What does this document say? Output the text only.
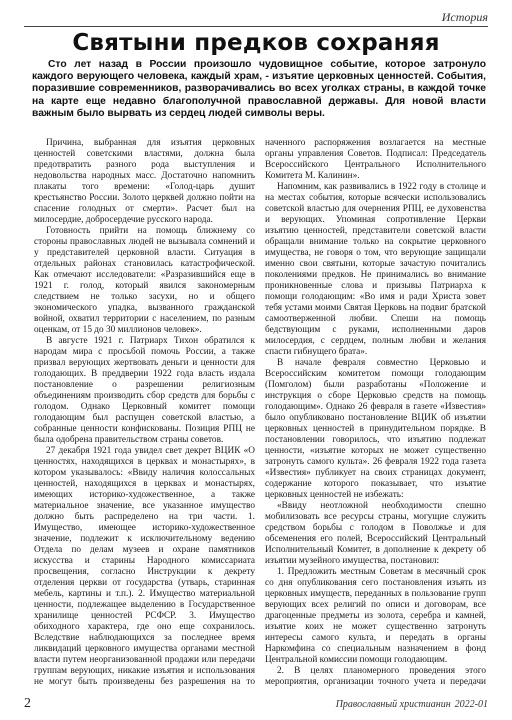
История
Святыни предков сохраняя

Сто лет назад в России произошло чудовищное событие, которое затронуло каждого верующего человека, каждый храм, - изъятие церковных ценностей. События, поразившие современников, разворачивались во всех уголках страны, в каждой точке на карте еще недавно благополучной православной державы. Для новой власти важным было вырвать из сердец людей символы веры.

Причина, выбранная для изъятия церковных ценностей советскими властями, должна была предотвратить разного рода выступления и недовольства народных масс. Достаточно напомнить плакаты того времени: «Голод-царь душит крестьянство России. Золото церквей должно пойти на спасение голодных от смерти». Расчет был на милосердие, добросердечие русского народа.

Готовность прийти на помощь ближнему со стороны православных людей не вызывала сомнений и у представителей церковной власти. Ситуация в отдельных районах становилась катастрофической. Как отмечают исследователи: «Разразившийся еще в 1921 г. голод, который явился закономерным следствием не только засухи, но и общего экономического упадка, вызванного гражданской войной, охватил территории с населением, по разным оценкам, от 15 до 30 миллионов человек».

В августе 1921 г. Патриарх Тихон обратился к народам мира с просьбой помочь России, а также призвал верующих жертвовать деньги и ценности для голодающих. В преддверии 1922 года власть издала постановление о разрешении религиозным объединениям производить сбор средств для борьбы с голодом. Однако Церковный комитет помощи голодающим был распущен советской властью, а собранные ценности конфискованы. Позиция РПЦ не была одобрена правительством страны советов.

27 декабря 1921 года увидел свет декрет ВЦИК «О ценностях, находящихся в церквах и монастырях», в котором указывалось: «Ввиду наличия колоссальных ценностей, находящихся в церквах и монастырях, имеющих историко-художественное, а также материальное значение, все указанное имущество должно быть распределено на три части. 1. Имущество, имеющее историко-художественное значение, подлежит к исключительному ведению Отдела по делам музеев и охране памятников искусства и старины Народного комиссариата просвещения, согласно Инструкции к декрету отделения церкви от государства (утварь, старинная мебель, картины и т.п.). 2. Имущество материальной ценности, подлежащее выделению в Государственное хранилище ценностей РСФСР. 3. Имущество обиходного характера, где оно еще сохранилось. Вследствие наблюдающихся за последнее время ликвидаций церковного имущества органами местной власти путем неорганизованной продажи или передачи группам верующих, никакие изъятия и использования не могут быть произведены без разрешения на то

наченного распоряжения возлагается на местные органы управления Советов. Подписал: Председатель Всероссийского Центрального Исполнительного Комитета М. Калинин».

Напомним, как развивались в 1922 году в столице и на местах события, которые всячески использовались советской властью для очернения РПЦ, ее духовенства и верующих. Упоминая сопротивление Церкви изъятию ценностей, представители советской власти обращали внимание только на сокрытие церковного имущества, не говоря о том, что верующие защищали именно свои святыни, которые зачастую почитались поколениями предков. Не принимались во внимание проникновенные слова и призывы Патриарха к помощи голодающим: «Во имя и ради Христа зовет тебя устами моими Святая Церковь на подвиг братской самоотверженной любви. Спеши на помощь бедствующим с руками, исполненными даров милосердия, с сердцем, полным любви и желания спасти гибнущего брата».

В начале февраля совместно Церковью и Всероссийским комитетом помощи голодающим (Помголом) были разработаны «Положение и инструкция о сборе Церковью средств на помощь голодающим». Однако 26 февраля в газете «Известия» было опубликовано постановление ВЦИК об изъятии церковных ценностей в принудительном порядке. В постановлении говорилось, что изъятию подлежат ценности, «изъятие которых не может существенно затронуть самого культа». 26 февраля 1922 года газета «Известия» публикует на своих страницах документ, содержание которого показывает, что изъятие церковных ценностей не избежать:

«Ввиду неотложной необходимости спешно мобилизовать все ресурсы страны, могущие служить средством борьбы с голодом в Поволжье и для обсеменения его полей, Всероссийский Центральный Исполнительный Комитет, в дополнение к декрету об изъятии музейного имущества, постановил:

1. Предложить местным Советам в месячный срок со дня опубликования сего постановления изъять из церковных имуществ, переданных в пользование групп верующих всех религий по описи и договорам, все драгоценные предметы из золота, серебра и камней, изъятие коих не может существенно затронуть интересы самого культа, и передать в органы Наркомфина со специальным назначением в фонд Центральной комиссии помощи голодающим.

2. В целях планомерного проведения этого мероприятия, организации точного учета и передачи

2	Православный христианин 2022-01
